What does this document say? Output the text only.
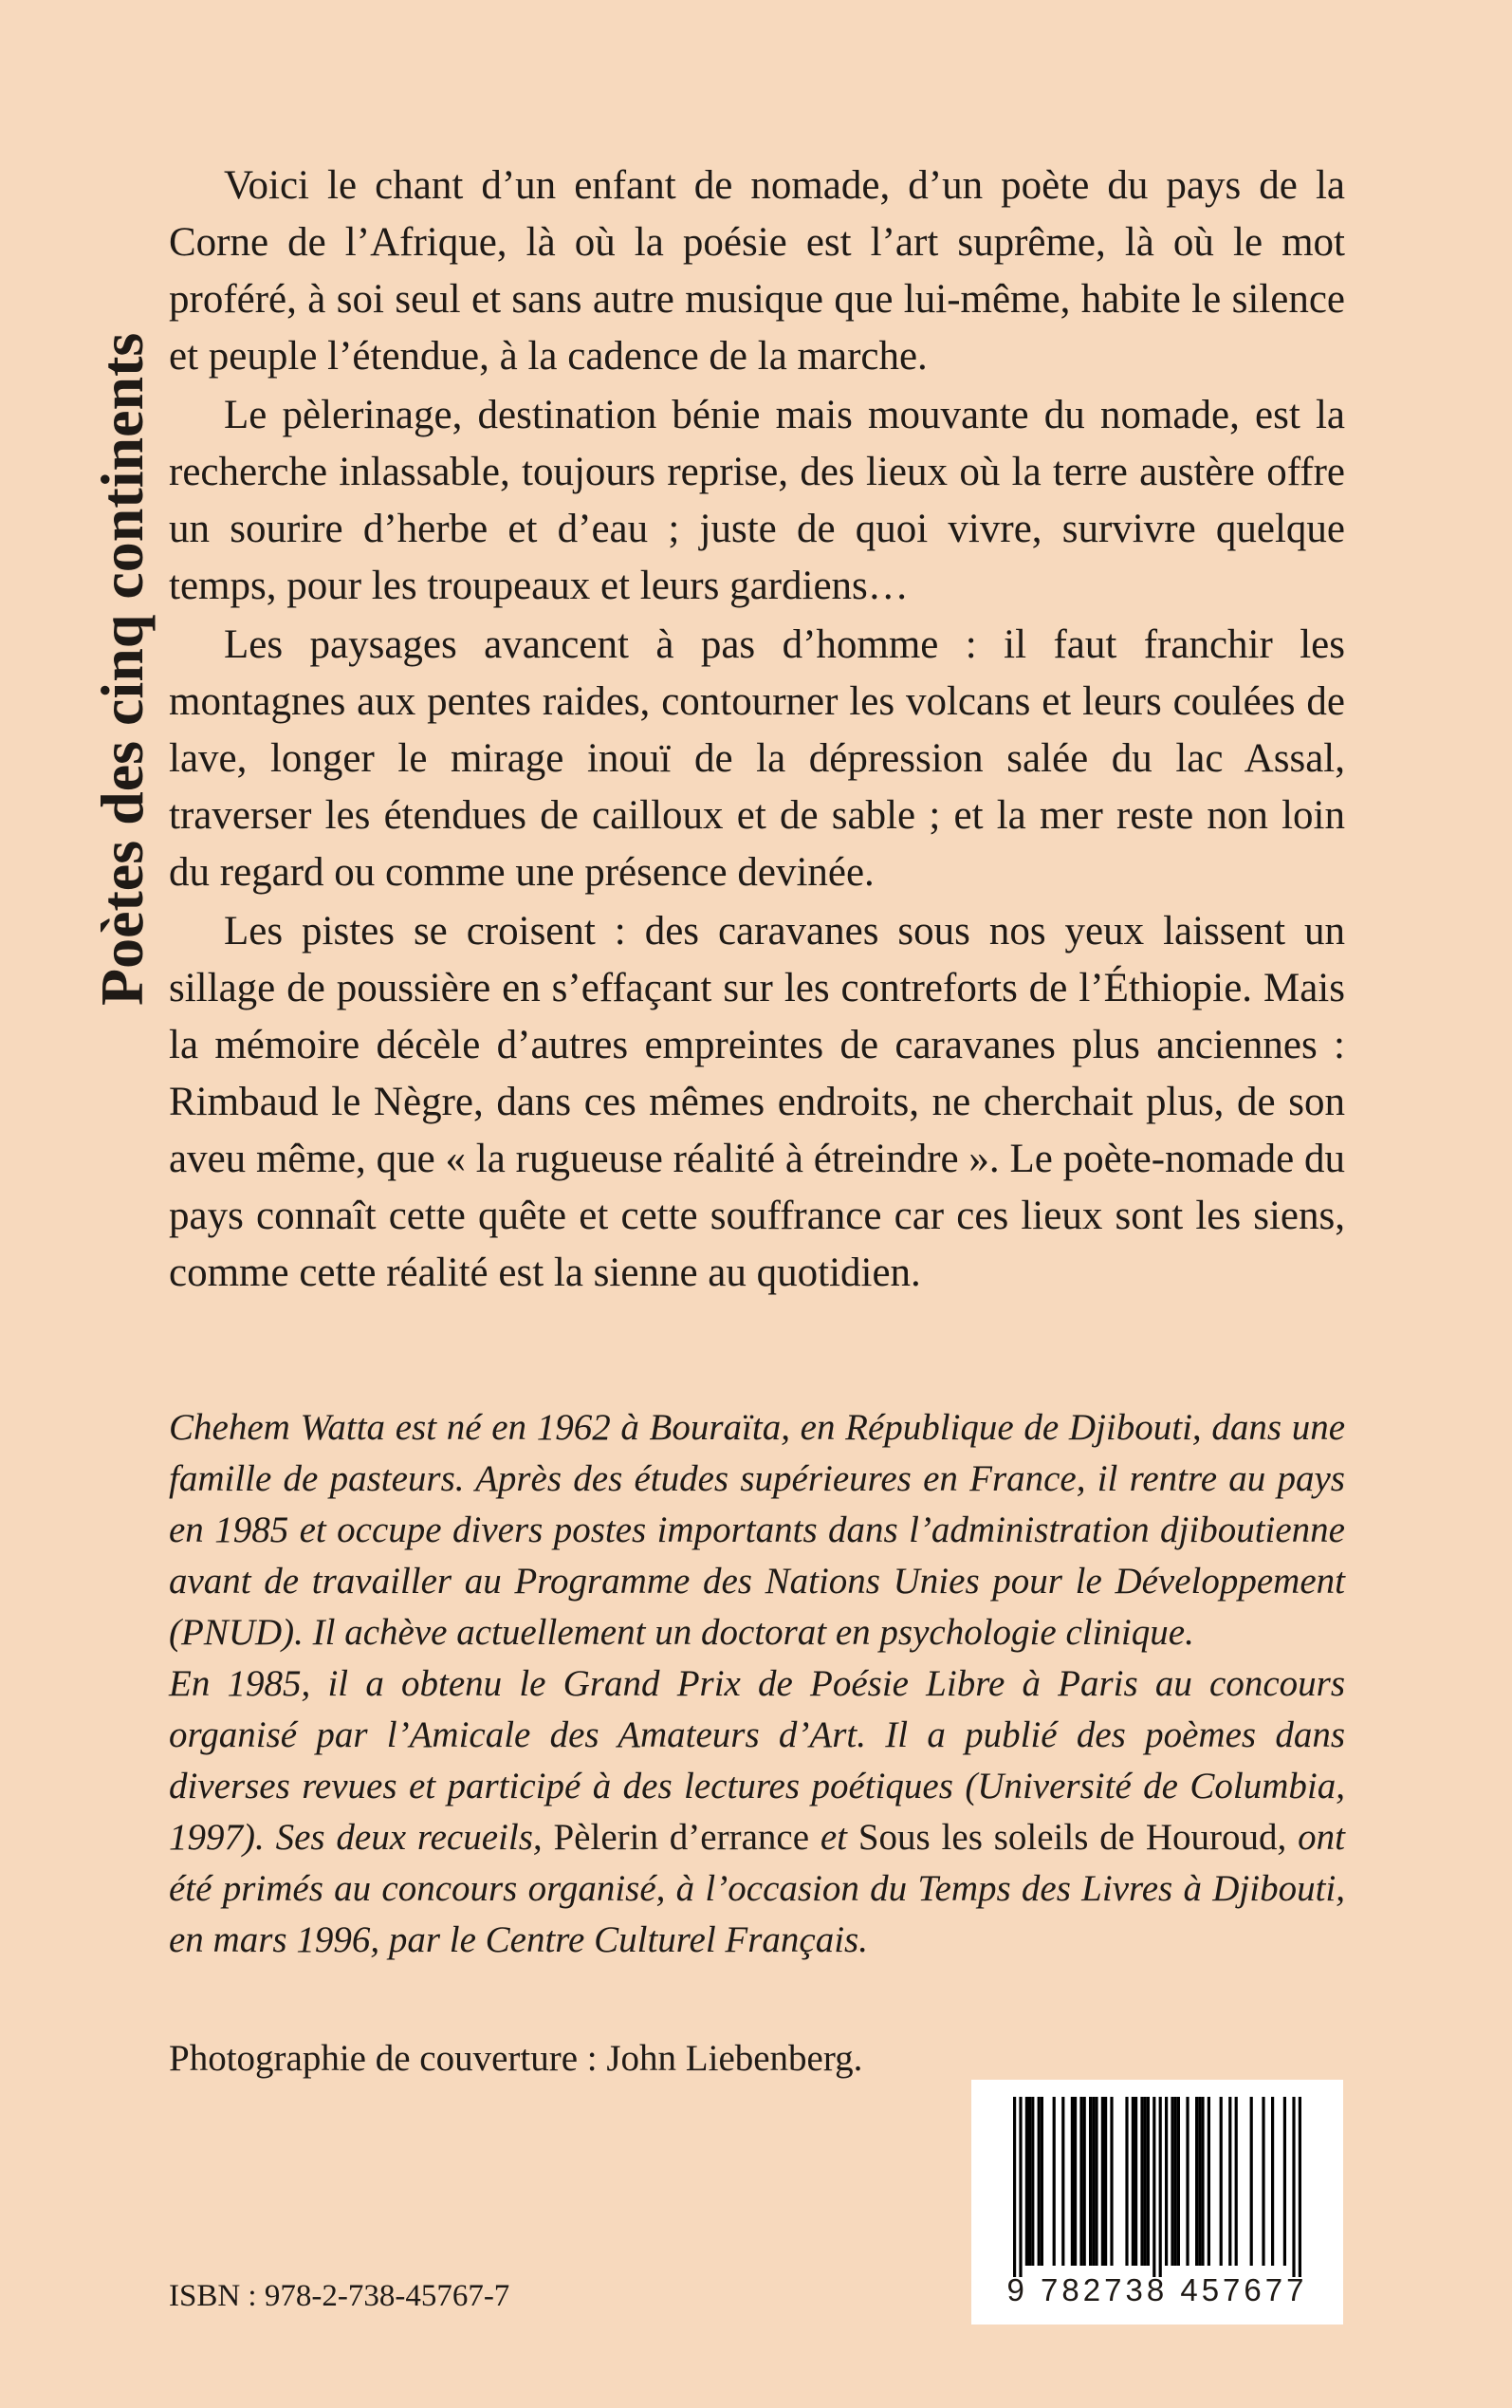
Poètes des cinq continents

Voici le chant d’un enfant de nomade, d’un poète du pays de la Corne de l’Afrique, là où la poésie est l’art suprême, là où le mot proféré, à soi seul et sans autre musique que lui-même, habite le silence et peuple l’étendue, à la cadence de la marche.

Le pèlerinage, destination bénie mais mouvante du nomade, est la recherche inlassable, toujours reprise, des lieux où la terre austère offre un sourire d’herbe et d’eau ; juste de quoi vivre, survivre quelque temps, pour les troupeaux et leurs gardiens…

Les paysages avancent à pas d’homme : il faut franchir les montagnes aux pentes raides, contourner les volcans et leurs coulées de lave, longer le mirage inouï de la dépression salée du lac Assal, traverser les étendues de cailloux et de sable ; et la mer reste non loin du regard ou comme une présence devinée.

Les pistes se croisent : des caravanes sous nos yeux laissent un sillage de poussière en s’effaçant sur les contreforts de l’Éthiopie. Mais la mémoire décèle d’autres empreintes de caravanes plus anciennes : Rimbaud le Nègre, dans ces mêmes endroits, ne cherchait plus, de son aveu même, que « la rugueuse réalité à étreindre ». Le poète-nomade du pays connaît cette quête et cette souffrance car ces lieux sont les siens, comme cette réalité est la sienne au quotidien.

Chehem Watta est né en 1962 à Bouraïta, en République de Djibouti, dans une famille de pasteurs. Après des études supérieures en France, il rentre au pays en 1985 et occupe divers postes importants dans l’administration djiboutienne avant de travailler au Programme des Nations Unies pour le Développement (PNUD). Il achève actuellement un doctorat en psychologie clinique.

En 1985, il a obtenu le Grand Prix de Poésie Libre à Paris au concours organisé par l’Amicale des Amateurs d’Art. Il a publié des poèmes dans diverses revues et participé à des lectures poétiques (Université de Columbia, 1997). Ses deux recueils, Pèlerin d’errance et Sous les soleils de Houroud, ont été primés au concours organisé, à l’occasion du Temps des Livres à Djibouti, en mars 1996, par le Centre Culturel Français.

Photographie de couverture : John Liebenberg.
9 782738 457677
ISBN : 978-2-738-45767-7
